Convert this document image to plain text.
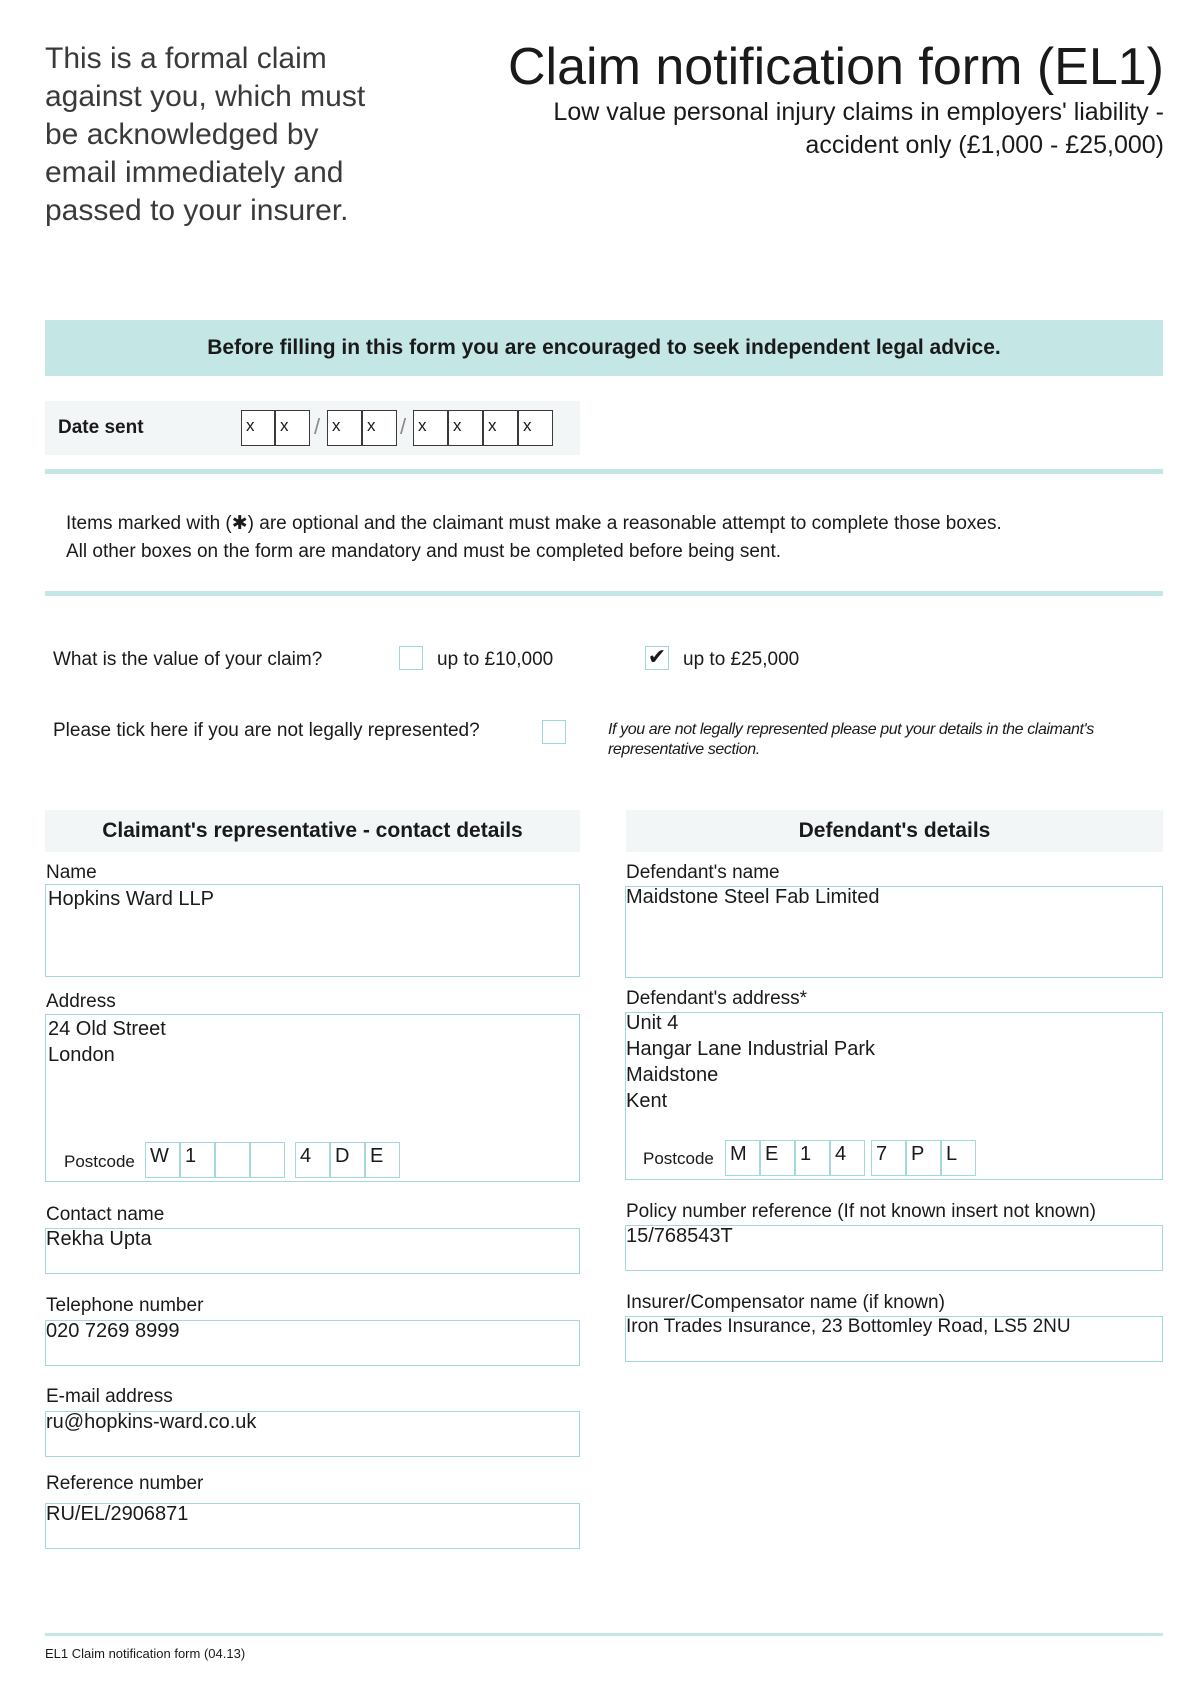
This is a formal claim against you, which must be acknowledged by email immediately and passed to your insurer.
Claim notification form (EL1)
Low value personal injury claims in employers' liability - accident only (£1,000 - £25,000)
Before filling in this form you are encouraged to seek independent legal advice.
Date sent	x	x	/ x	x	/ x	x	x	x
Items marked with (✱) are optional and the claimant must make a reasonable attempt to complete those boxes.
All other boxes on the form are mandatory and must be completed before being sent.
What is the value of your claim?	up to £10,000	✔ up to £25,000
Please tick here if you are not legally represented?	If you are not legally represented please put your details in the claimant's representative section.
Claimant's representative - contact details	Defendant's details
Name
Hopkins Ward LLP
Address
24 Old Street
London
Postcode W 1	4	D	E
Contact name
Rekha Upta
Telephone number
020 7269 8999
E-mail address
ru@hopkins-ward.co.uk
Reference number
RU/EL/2906871
Defendant's name
Maidstone Steel Fab Limited
Defendant's address*
Unit 4
Hangar Lane Industrial Park
Maidstone
Kent
Postcode M E	1	4	7	P	L
Policy number reference (If not known insert not known)
15/768543T
Insurer/Compensator name (if known)
Iron Trades Insurance, 23 Bottomley Road, LS5 2NU
EL1 Claim notification form (04.13)
